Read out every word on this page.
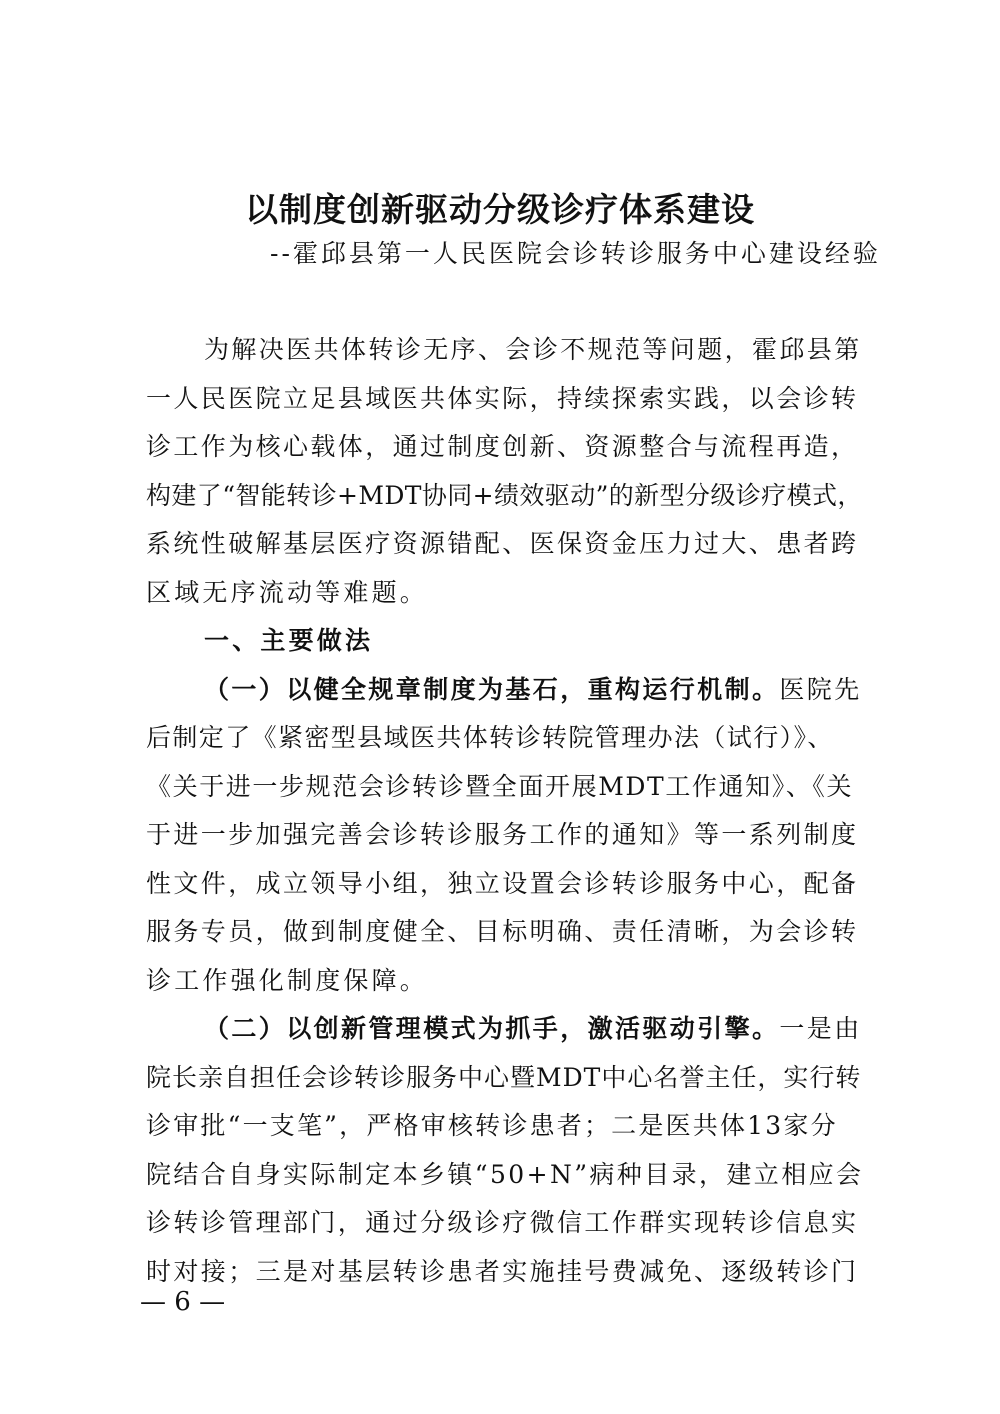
以制度创新驱动分级诊疗体系建设
--霍邱县第一人民医院会诊转诊服务中心建设经验
为解决医共体转诊无序、会诊不规范等问题，霍邱县第
一人民医院立足县域医共体实际，持续探索实践，以会诊转
诊工作为核心载体，通过制度创新、资源整合与流程再造，
构建了“智能转诊+MDT协同+绩效驱动”的新型分级诊疗模式，
系统性破解基层医疗资源错配、医保资金压力过大、患者跨
区域无序流动等难题。
一、主要做法
（一）以健全规章制度为基石，重构运行机制。医院先
后制定了《紧密型县域医共体转诊转院管理办法（试行）》、
《关于进一步规范会诊转诊暨全面开展MDT工作通知》、《关
于进一步加强完善会诊转诊服务工作的通知》等一系列制度
性文件，成立领导小组，独立设置会诊转诊服务中心，配备
服务专员，做到制度健全、目标明确、责任清晰，为会诊转
诊工作强化制度保障。
（二）以创新管理模式为抓手，激活驱动引擎。一是由
院长亲自担任会诊转诊服务中心暨MDT中心名誉主任，实行转
诊审批“一支笔”，严格审核转诊患者；二是医共体13家分
院结合自身实际制定本乡镇“50+N”病种目录，建立相应会
诊转诊管理部门，通过分级诊疗微信工作群实现转诊信息实
时对接；三是对基层转诊患者实施挂号费减免、逐级转诊门
— 6 —
